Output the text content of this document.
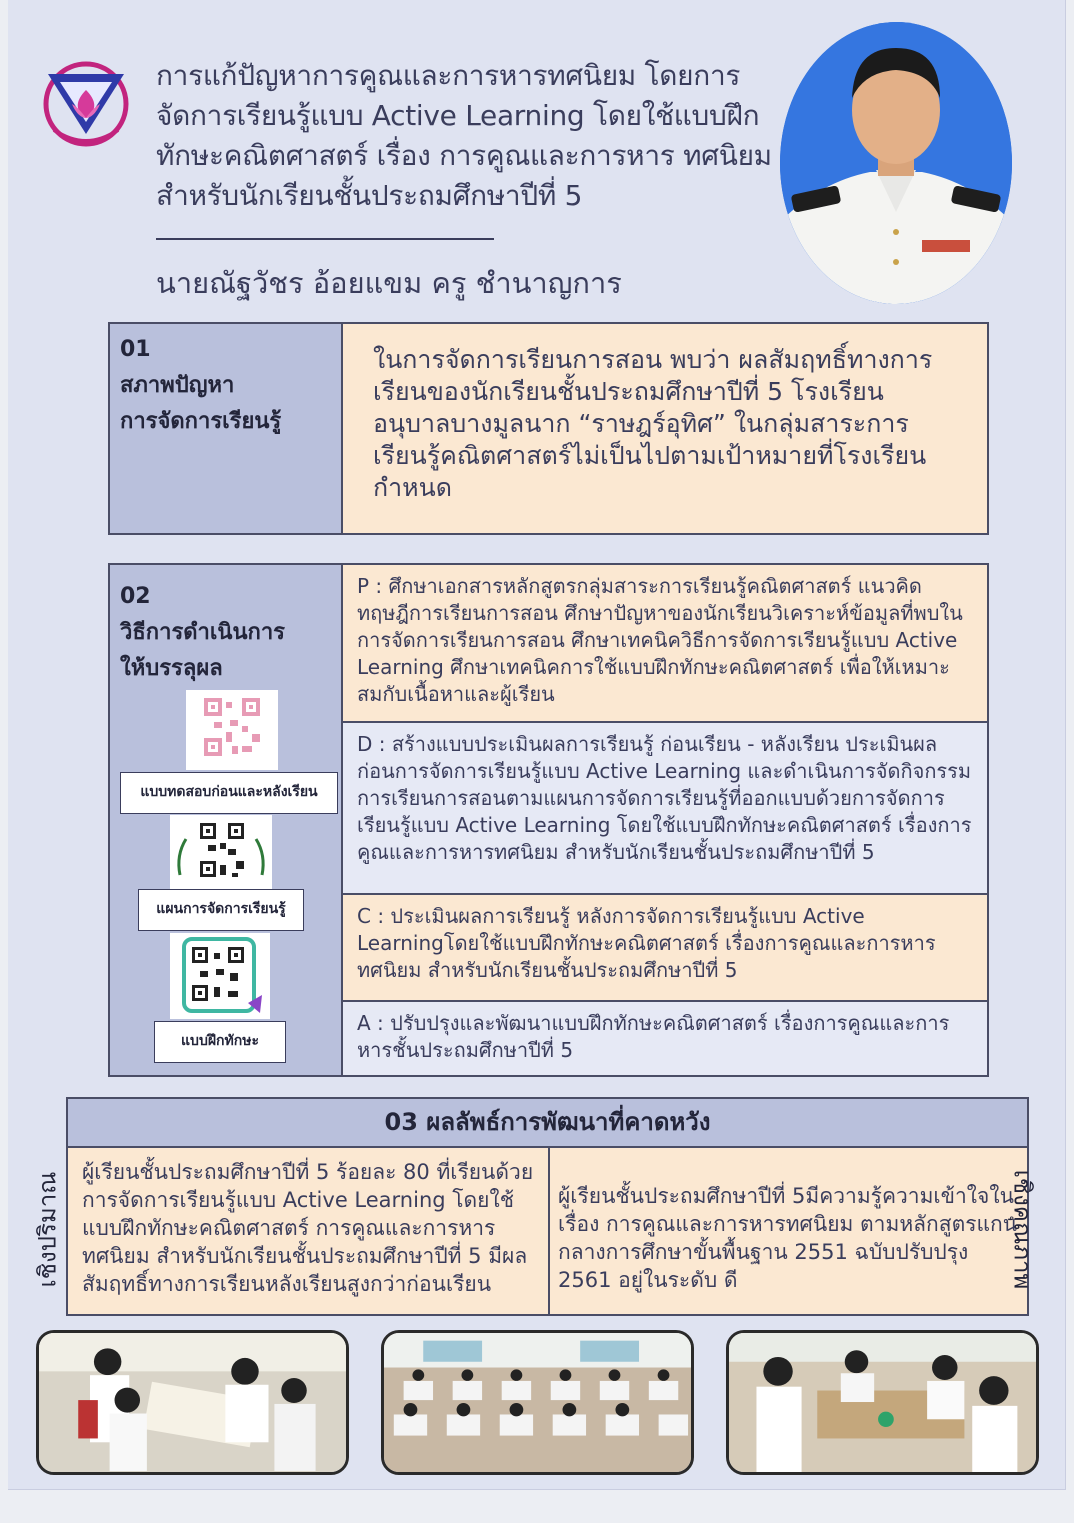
การแก้ปัญหาการคูณและการหารทศนิยม โดยการจัดการเรียนรู้แบบ Active Learning โดยใช้แบบฝึกทักษะคณิตศาสตร์ เรื่อง การคูณและการหาร ทศนิยม สำหรับนักเรียนชั้นประถมศึกษาปีที่ 5
นายณัฐวัชร อ้อยแขม ครู ชำนาญการ
01
สภาพปัญหา
การจัดการเรียนรู้
ในการจัดการเรียนการสอน พบว่า ผลสัมฤทธิ์ทางการเรียนของนักเรียนชั้นประถมศึกษาปีที่ 5 โรงเรียนอนุบาลบางมูลนาก “ราษฎร์อุทิศ” ในกลุ่มสาระการเรียนรู้คณิตศาสตร์ไม่เป็นไปตามเป้าหมายที่โรงเรียนกำหนด
02
วิธีการดำเนินการ
ให้บรรลุผล
แบบทดสอบก่อนและหลังเรียน
แผนการจัดการเรียนรู้
แบบฝึกทักษะ
P : ศึกษาเอกสารหลักสูตรกลุ่มสาระการเรียนรู้คณิตศาสตร์ แนวคิดทฤษฎีการเรียนการสอน ศึกษาปัญหาของนักเรียนวิเคราะห์ข้อมูลที่พบในการจัดการเรียนการสอน ศึกษาเทคนิควิธีการจัดการเรียนรู้แบบ Active Learning ศึกษาเทคนิคการใช้แบบฝึกทักษะคณิตศาสตร์ เพื่อให้เหมาะสมกับเนื้อหาและผู้เรียน
D : สร้างแบบประเมินผลการเรียนรู้ ก่อนเรียน - หลังเรียน ประเมินผลก่อนการจัดการเรียนรู้แบบ Active Learning และดำเนินการจัดกิจกรรมการเรียนการสอนตามแผนการจัดการเรียนรู้ที่ออกแบบด้วยการจัดการเรียนรู้แบบ Active Learning โดยใช้แบบฝึกทักษะคณิตศาสตร์ เรื่องการคูณและการหารทศนิยม สำหรับนักเรียนชั้นประถมศึกษาปีที่ 5
C : ประเมินผลการเรียนรู้ หลังการจัดการเรียนรู้แบบ Active Learningโดยใช้แบบฝึกทักษะคณิตศาสตร์ เรื่องการคูณและการหาร ทศนิยม สำหรับนักเรียนชั้นประถมศึกษาปีที่ 5
A : ปรับปรุงและพัฒนาแบบฝึกทักษะคณิตศาสตร์ เรื่องการคูณและการหารชั้นประถมศึกษาปีที่ 5
03 ผลลัพธ์การพัฒนาที่คาดหวัง
ผู้เรียนชั้นประถมศึกษาปีที่ 5 ร้อยละ 80 ที่เรียนด้วยการจัดการเรียนรู้แบบ Active Learning โดยใช้แบบฝึกทักษะคณิตศาสตร์ การคูณและการหาร ทศนิยม สำหรับนักเรียนชั้นประถมศึกษาปีที่ 5 มีผลสัมฤทธิ์ทางการเรียนหลังเรียนสูงกว่าก่อนเรียน
ผู้เรียนชั้นประถมศึกษาปีที่ 5มีความรู้ความเข้าใจในเรื่อง การคูณและการหารทศนิยม ตามหลักสูตรแกนกลางการศึกษาขั้นพื้นฐาน 2551 ฉบับปรับปรุง 2561 อยู่ในระดับ ดี
เชิงปริมาณ	เชิงคุณภาพ
